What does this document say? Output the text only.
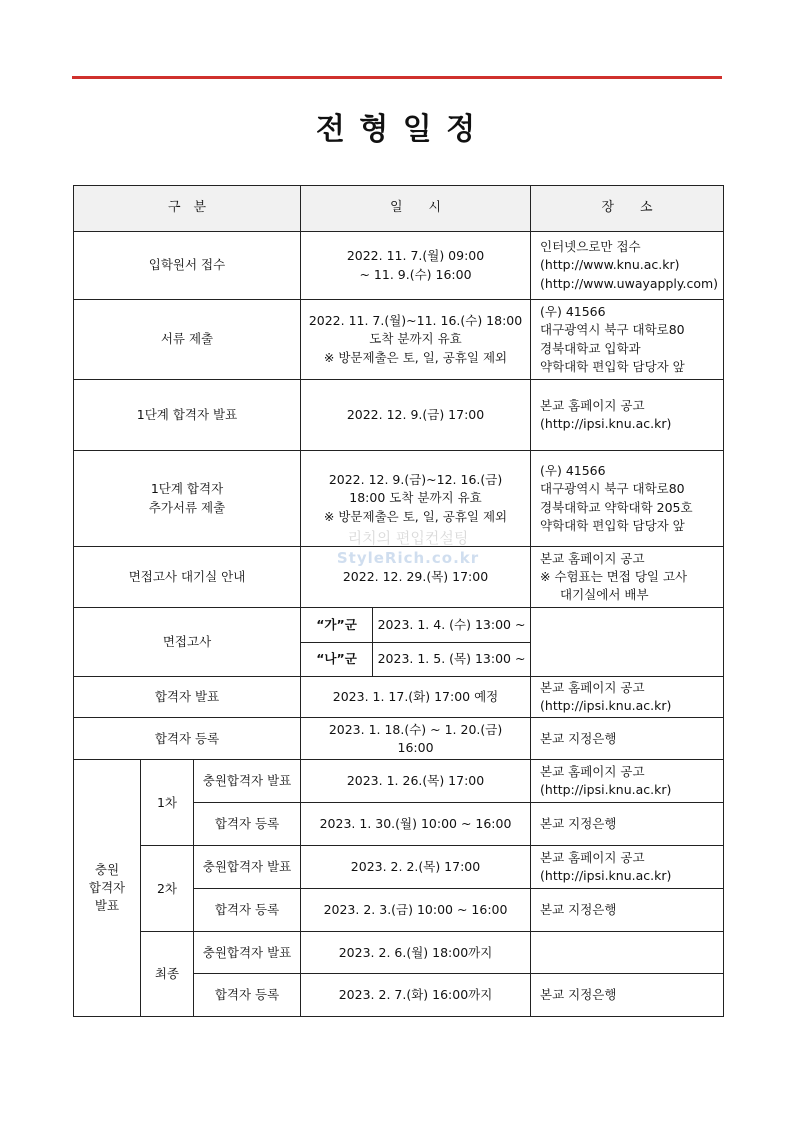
전 형 일 정
구　분			일　　시		장　　소
입학원서 접수			2022. 11. 7.(월) 09:00
~ 11. 9.(수) 16:00		인터넷으로만 접수
(http://www.knu.ac.kr)
(http://www.uwayapply.com)

서류 제출			2022. 11. 7.(월)~11. 16.(수) 18:00
도착 분까지 유효
※ 방문제출은 토, 일, 공휴일 제외		(우) 41566
대구광역시 북구 대학로80
경북대학교 입학과
약학대학 편입학 담당자 앞

1단계 합격자 발표			2022. 12. 9.(금) 17:00		본교 홈페이지 공고
(http://ipsi.knu.ac.kr)

1단계 합격자
추가서류 제출			2022. 12. 9.(금)~12. 16.(금)
18:00 도착 분까지 유효
※ 방문제출은 토, 일, 공휴일 제외		(우) 41566
대구광역시 북구 대학로80
경북대학교 약학대학 205호
약학대학 편입학 담당자 앞

면접고사 대기실 안내			2022. 12. 29.(목) 17:00		본교 홈페이지 공고
※ 수험표는 면접 당일 고사
대기실에서 배부

면접고사			“가”군	2023. 1. 4. (수) 13:00 ~	
			“나”군	2023. 1. 5. (목) 13:00 ~	
합격자 발표			2023. 1. 17.(화) 17:00 예정		본교 홈페이지 공고
(http://ipsi.knu.ac.kr)

합격자 등록			2023. 1. 18.(수) ~ 1. 20.(금)　16:00		본교 지정은행

충원
합격자
발표	1차	충원합격자 발표	2023. 1. 26.(목) 17:00		본교 홈페이지 공고
(http://ipsi.knu.ac.kr)

		합격자 등록	2023. 1. 30.(월) 10:00 ~ 16:00		본교 지정은행
	2차	충원합격자 발표	2023. 2. 2.(목) 17:00		본교 홈페이지 공고
(http://ipsi.knu.ac.kr)

		합격자 등록	2023. 2. 3.(금) 10:00 ~ 16:00		본교 지정은행
	최종	충원합격자 발표	2023. 2. 6.(월) 18:00까지		
		합격자 등록	2023. 2. 7.(화) 16:00까지		본교 지정은행
리치의 편입컨설팅
StyleRich.co.kr
